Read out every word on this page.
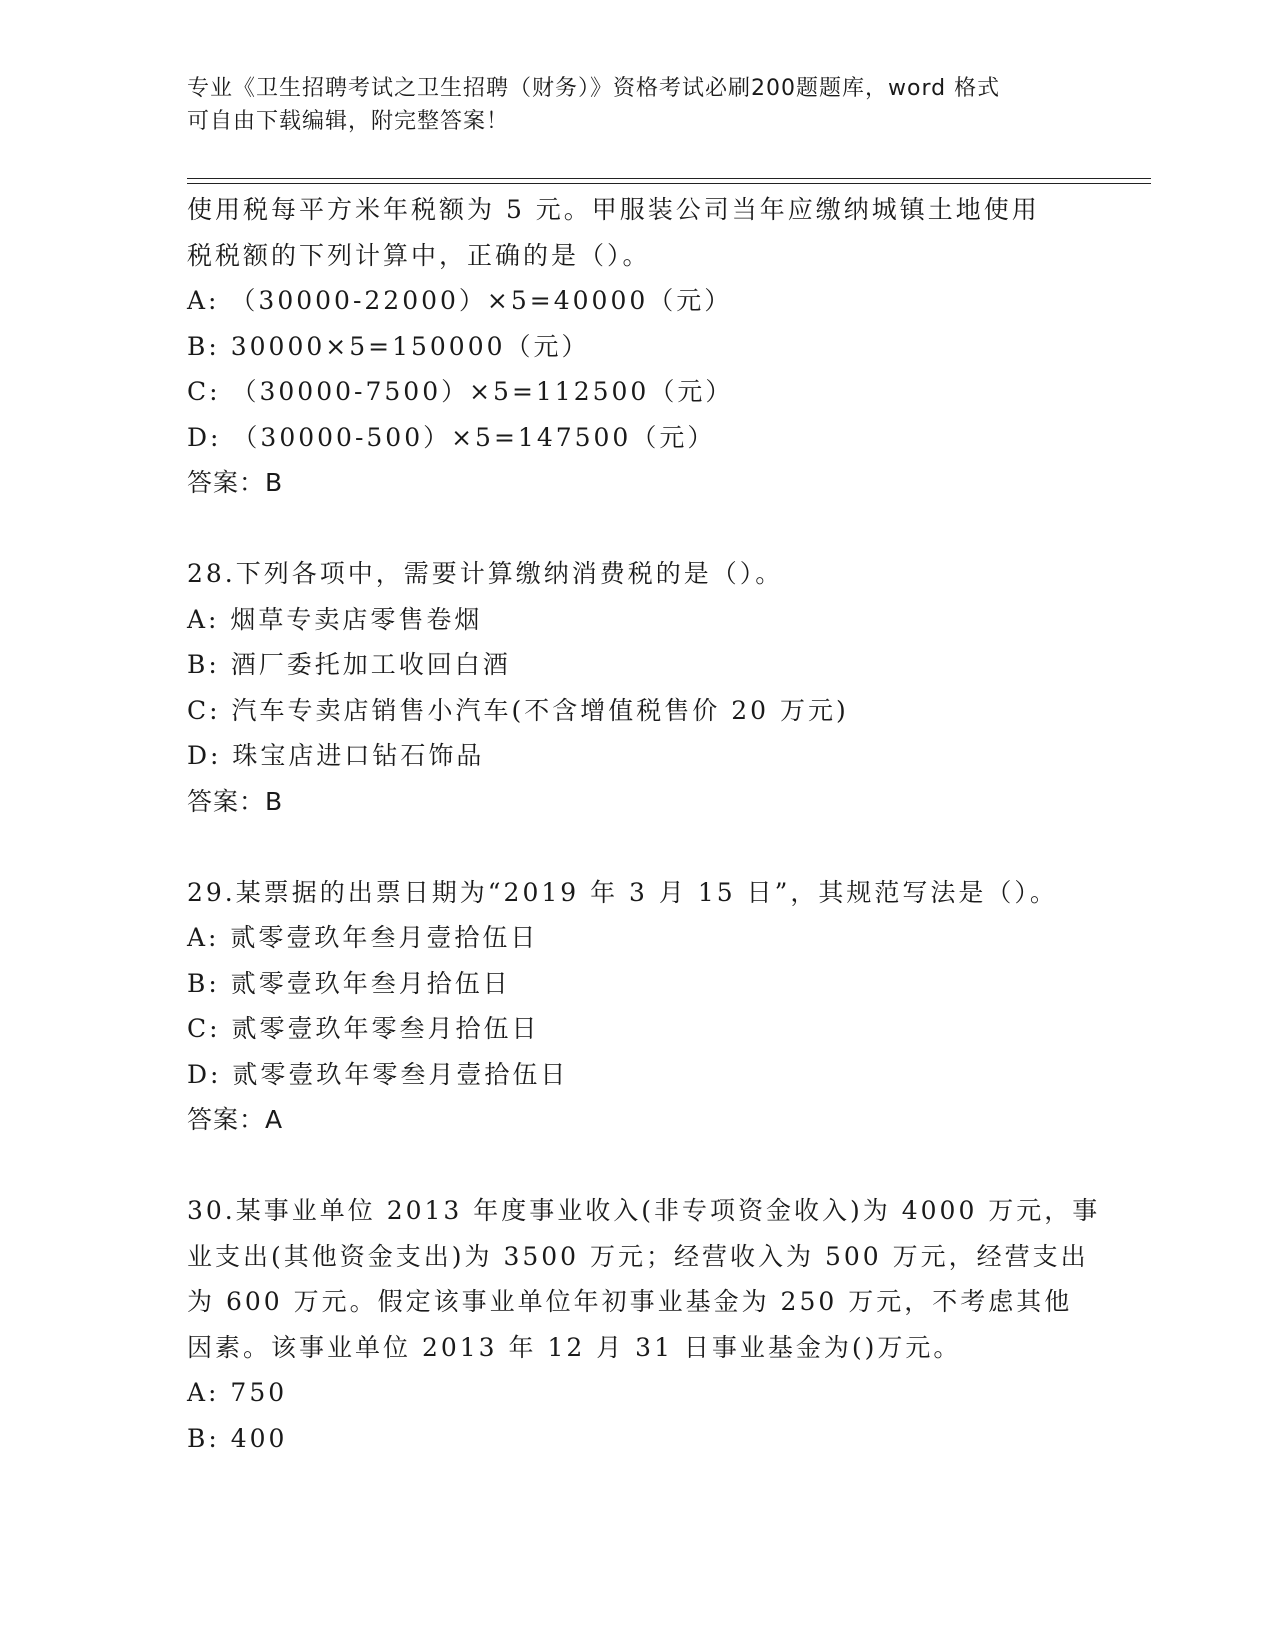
专业《卫生招聘考试之卫生招聘（财务）》资格考试必刷200题题库，word 格式
可自由下载编辑，附完整答案！
使用税每平方米年税额为 5 元。甲服装公司当年应缴纳城镇土地使用
税税额的下列计算中，正确的是（）。
A: （30000-22000）×5=40000（元）
B: 30000×5=150000（元）
C: （30000-7500）×5=112500（元）
D: （30000-500）×5=147500（元）
答案：B
28.下列各项中，需要计算缴纳消费税的是（）。
A: 烟草专卖店零售卷烟
B: 酒厂委托加工收回白酒
C: 汽车专卖店销售小汽车(不含增值税售价 20 万元)
D: 珠宝店进口钻石饰品
答案：B
29.某票据的出票日期为“2019 年 3 月 15 日”，其规范写法是（）。
A: 贰零壹玖年叁月壹拾伍日
B: 贰零壹玖年叁月拾伍日
C: 贰零壹玖年零叁月拾伍日
D: 贰零壹玖年零叁月壹拾伍日
答案：A
30.某事业单位 2013 年度事业收入(非专项资金收入)为 4000 万元，事
业支出(其他资金支出)为 3500 万元；经营收入为 500 万元，经营支出
为 600 万元。假定该事业单位年初事业基金为 250 万元，不考虑其他
因素。该事业单位 2013 年 12 月 31 日事业基金为()万元。
A: 750
B: 400
